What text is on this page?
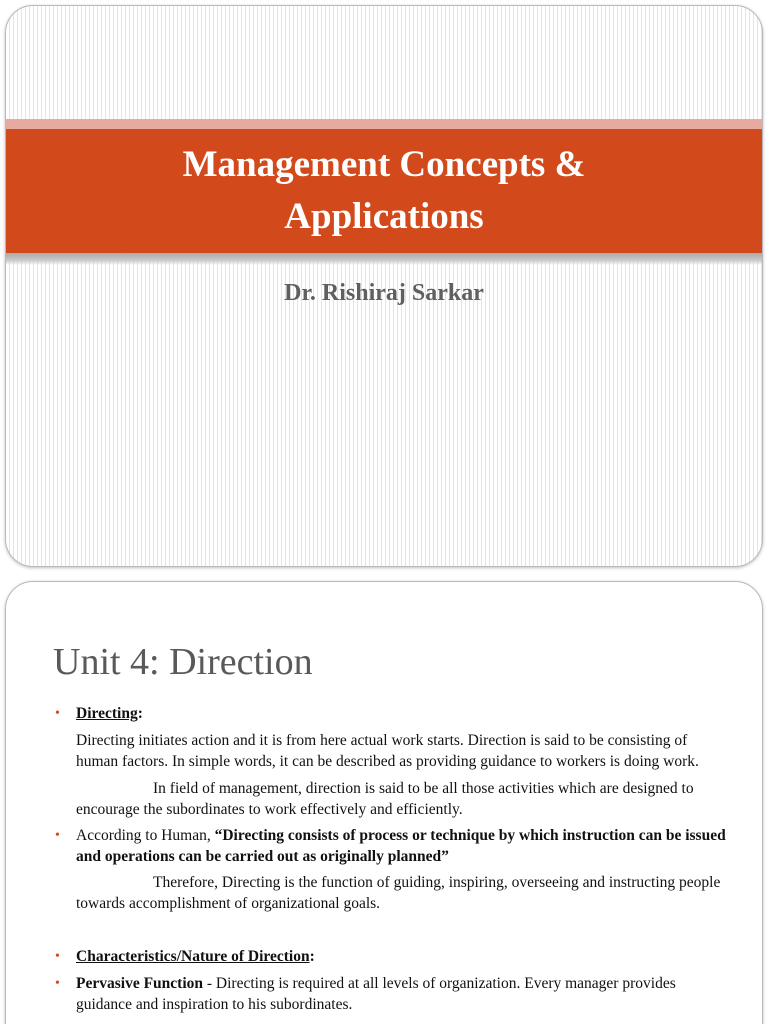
Management Concepts &
Applications

Dr. Rishiraj Sarkar

Unit 4: Direction
• Directing:

Directing initiates action and it is from here actual work starts. Direction is said to be consisting of human factors. In simple words, it can be described as providing guidance to workers is doing work.

In field of management, direction is said to be all those activities which are designed to encourage the subordinates to work effectively and efficiently.

• According to Human, “Directing consists of process or technique by which instruction can be issued and operations can be carried out as originally planned”

Therefore, Directing is the function of guiding, inspiring, overseeing and instructing people towards accomplishment of organizational goals.

• Characteristics/Nature of Direction:
• Pervasive Function - Directing is required at all levels of organization. Every manager provides guidance and inspiration to his subordinates.
